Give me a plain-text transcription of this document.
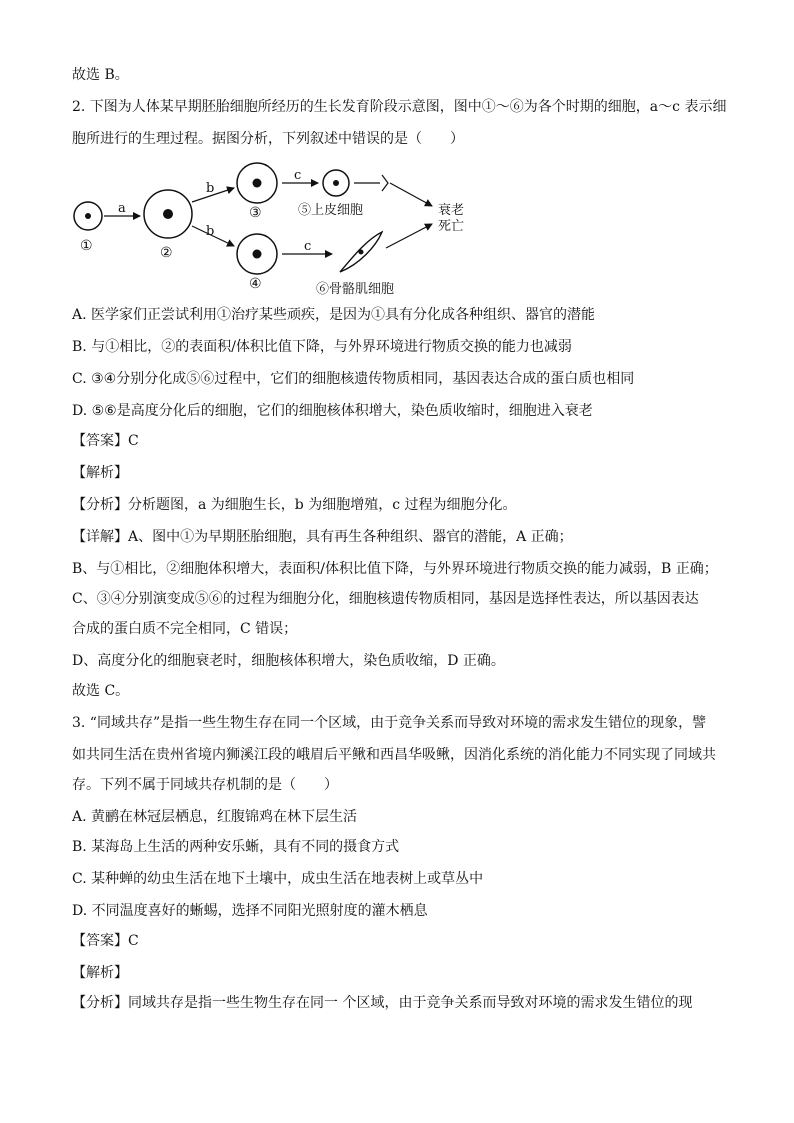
故选 B。
2. 下图为人体某早期胚胎细胞所经历的生长发育阶段示意图，图中①～⑥为各个时期的细胞，a～c 表示细
胞所进行的生理过程。据图分析，下列叙述中错误的是（　　）
①
a
②
b
b
③
④
c
c
⑤上皮细胞
⑥骨骼肌细胞
衰老
死亡
A. 医学家们正尝试利用①治疗某些顽疾，是因为①具有分化成各种组织、器官的潜能
B. 与①相比，②的表面积/体积比值下降，与外界环境进行物质交换的能力也减弱
C. ③④分别分化成⑤⑥过程中，它们的细胞核遗传物质相同，基因表达合成的蛋白质也相同
D. ⑤⑥是高度分化后的细胞，它们的细胞核体积增大，染色质收缩时，细胞进入衰老
【答案】C
【解析】
【分析】分析题图，a 为细胞生长，b 为细胞增殖，c 过程为细胞分化。
【详解】A、图中①为早期胚胎细胞，具有再生各种组织、器官的潜能，A 正确；
B、与①相比，②细胞体积增大，表面积/体积比值下降，与外界环境进行物质交换的能力减弱，B 正确；
C、③④分别演变成⑤⑥的过程为细胞分化，细胞核遗传物质相同，基因是选择性表达，所以基因表达
合成的蛋白质不完全相同，C 错误；
D、高度分化的细胞衰老时，细胞核体积增大，染色质收缩，D 正确。
故选 C。
3. “同域共存”是指一些生物生存在同一个区域，由于竞争关系而导致对环境的需求发生错位的现象，譬
如共同生活在贵州省境内狮溪江段的峨眉后平鳅和西昌华吸鳅，因消化系统的消化能力不同实现了同域共
存。下列不属于同域共存机制的是（　　）
A. 黄鹂在林冠层栖息，红腹锦鸡在林下层生活
B. 某海岛上生活的两种安乐蜥，具有不同的摄食方式
C. 某种蝉的幼虫生活在地下土壤中，成虫生活在地表树上或草丛中
D. 不同温度喜好的蜥蜴，选择不同阳光照射度的灌木栖息
【答案】C
【解析】
【分析】同域共存是指一些生物生存在同一 个区域，由于竞争关系而导致对环境的需求发生错位的现
